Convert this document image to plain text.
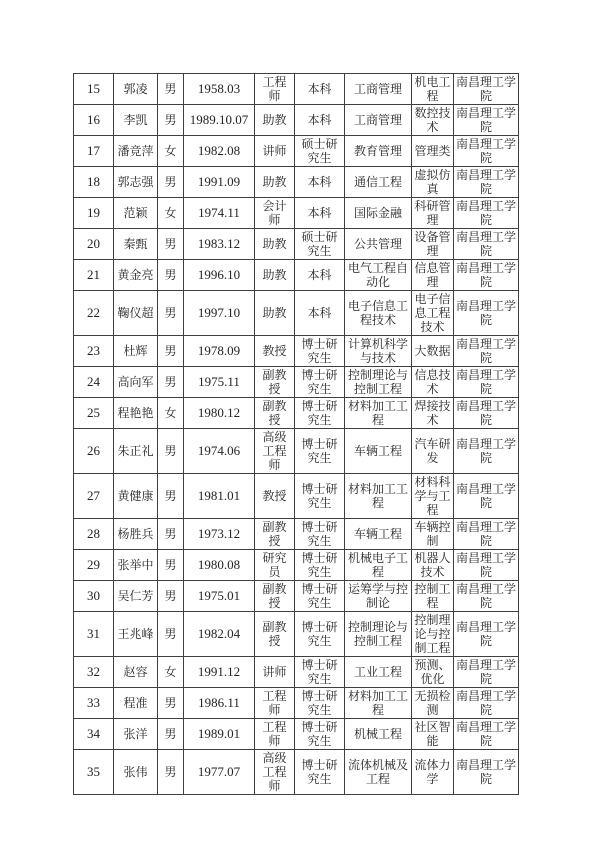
15	郭凌	男	1958.03	工程师	本科	工商管理	机电工程	南昌理工学院
16	李凯	男	1989.10.07	助教	本科	工商管理	数控技术	南昌理工学院
17	潘竞萍	女	1982.08	讲师	硕士研究生	教育管理	管理类	南昌理工学院
18	郭志强	男	1991.09	助教	本科	通信工程	虚拟仿真	南昌理工学院
19	范颖	女	1974.11	会计师	本科	国际金融	科研管理	南昌理工学院
20	秦甄	男	1983.12	助教	硕士研究生	公共管理	设备管理	南昌理工学院
21	黄金亮	男	1996.10	助教	本科	电气工程自动化	信息管理	南昌理工学院
22	鞠仪超	男	1997.10	助教	本科	电子信息工程技术	电子信息工程技术	南昌理工学院
23	杜辉	男	1978.09	教授	博士研究生	计算机科学与技术	大数据	南昌理工学院
24	高向军	男	1975.11	副教授	博士研究生	控制理论与控制工程	信息技术	南昌理工学院
25	程艳艳	女	1980.12	副教授	博士研究生	材料加工工程	焊接技术	南昌理工学院
26	朱正礼	男	1974.06	高级工程师	博士研究生	车辆工程	汽车研发	南昌理工学院
27	黄健康	男	1981.01	教授	博士研究生	材料加工工程	材料科学与工程	南昌理工学院
28	杨胜兵	男	1973.12	副教授	博士研究生	车辆工程	车辆控制	南昌理工学院
29	张举中	男	1980.08	研究员	博士研究生	机械电子工程	机器人技术	南昌理工学院
30	吴仁芳	男	1975.01	副教授	博士研究生	运筹学与控制论	控制工程	南昌理工学院
31	王兆峰	男	1982.04	副教授	博士研究生	控制理论与控制工程	控制理论与控制工程	南昌理工学院
32	赵容	女	1991.12	讲师	博士研究生	工业工程	预测、优化	南昌理工学院
33	程准	男	1986.11	工程师	博士研究生	材料加工工程	无损检测	南昌理工学院
34	张洋	男	1989.01	工程师	博士研究生	机械工程	社区智能	南昌理工学院
35	张伟	男	1977.07	高级工程师	博士研究生	流体机械及工程	流体力学	南昌理工学院
